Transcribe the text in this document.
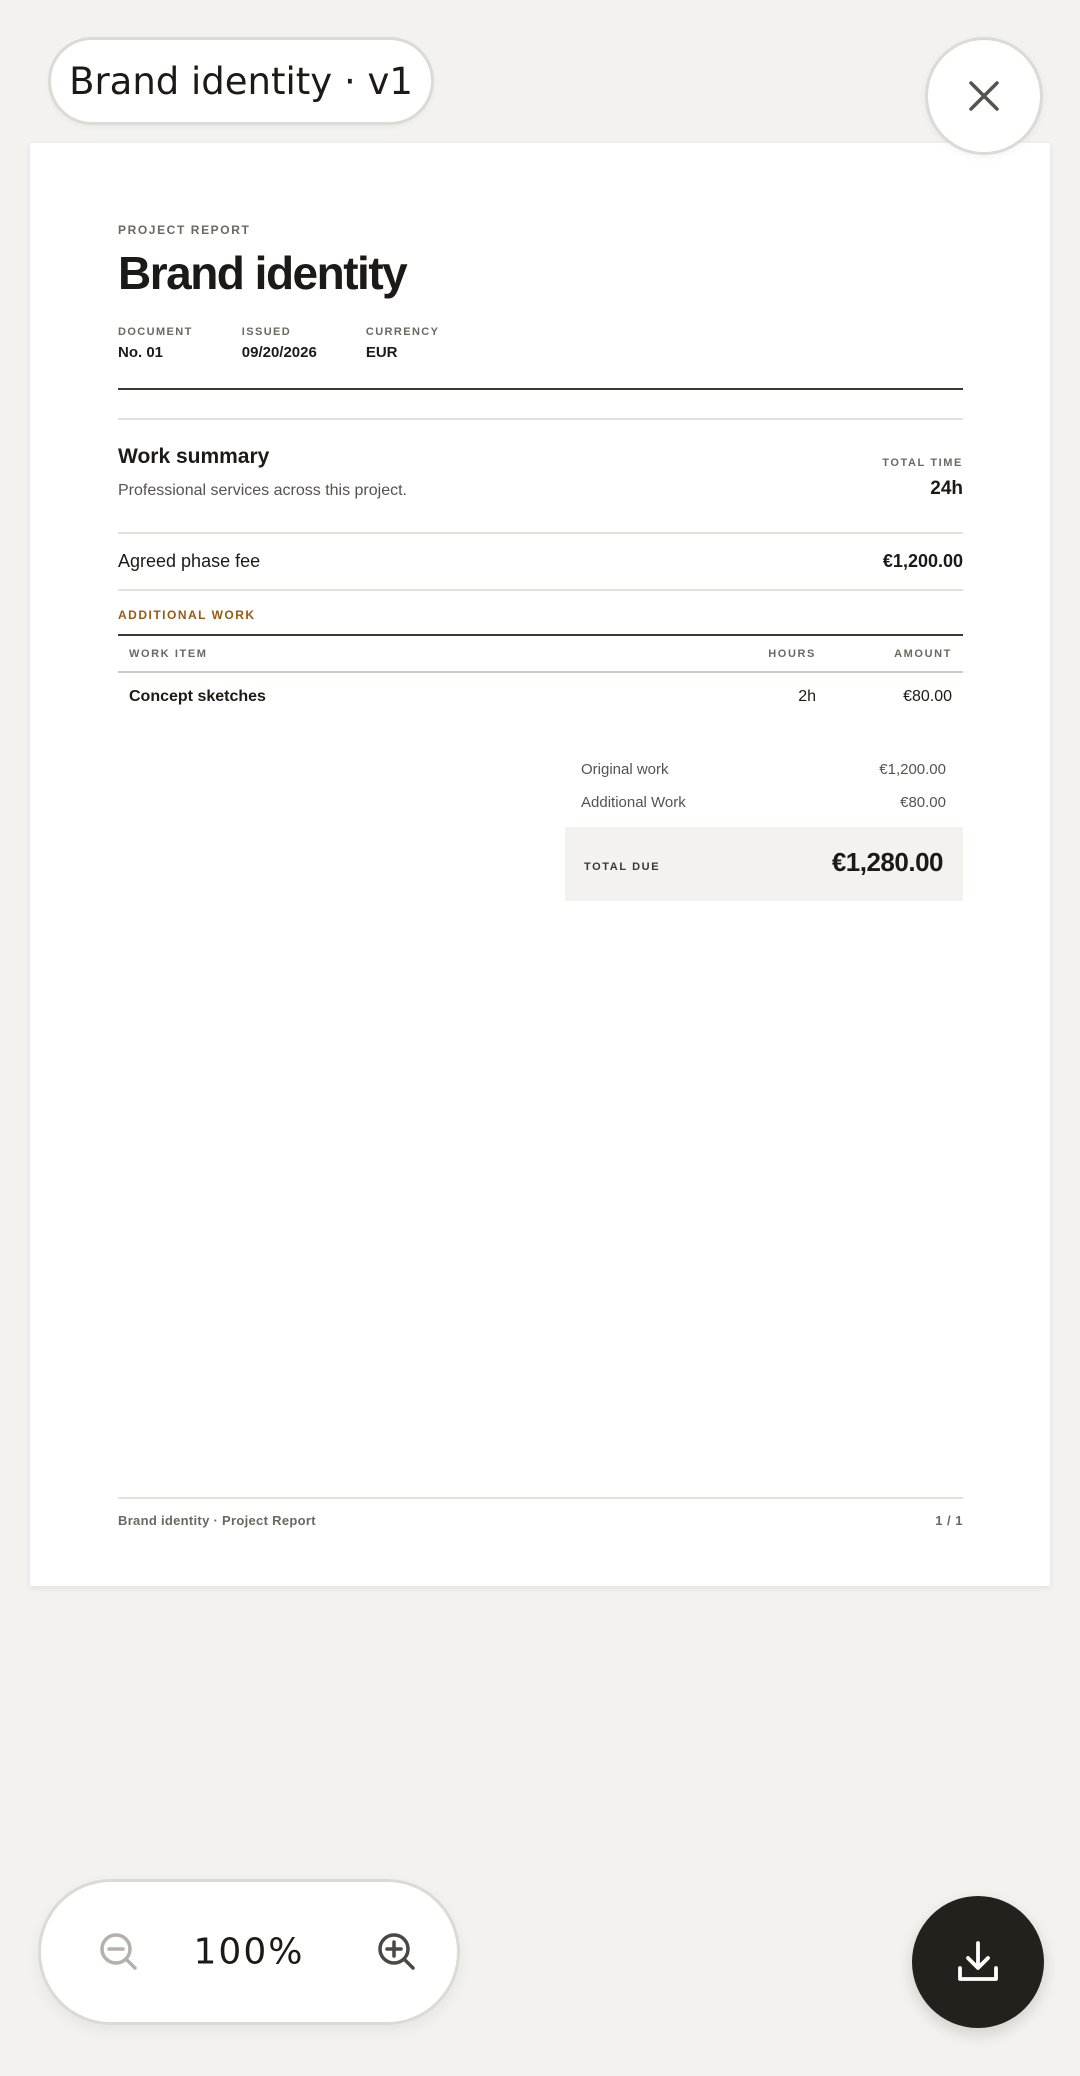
Brand identity · v1
PROJECT REPORT
Brand identity
DOCUMENT
No. 01
ISSUED
09/20/2026
CURRENCY
EUR
Work summary
Professional services across this project.
TOTAL TIME
24h
Agreed phase fee	€1,200.00
ADDITIONAL WORK
WORK ITEM	HOURS	AMOUNT
Concept sketches	2h	€80.00
Original work	€1,200.00
Additional Work	€80.00
TOTAL DUE	€1,280.00
Brand identity · Project Report	1 / 1
100%
